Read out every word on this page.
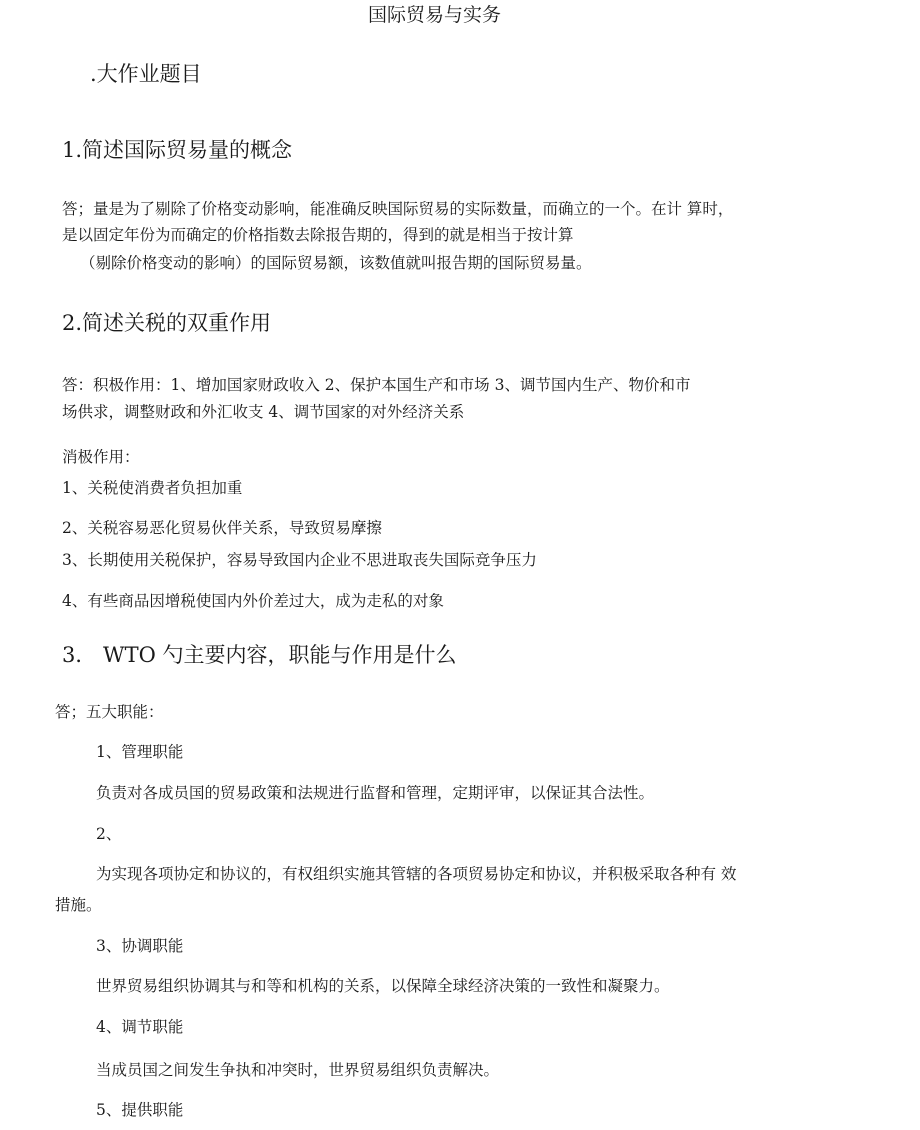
国际贸易与实务
.大作业题目
1.简述国际贸易量的概念
答；量是为了剔除了价格变动影响，能准确反映国际贸易的实际数量，而确立的一个。在计 算时，
是以固定年份为而确定的价格指数去除报告期的，得到的就是相当于按计算
（剔除价格变动的影响）的国际贸易额，该数值就叫报告期的国际贸易量。
2.简述关税的双重作用
答：积极作用：1、增加国家财政收入 2、保护本国生产和市场 3、调节国内生产、物价和市
场供求，调整财政和外汇收支 4、调节国家的对外经济关系
消极作用：
1、关税使消费者负担加重
2、关税容易恶化贸易伙伴关系，导致贸易摩擦
3、长期使用关税保护，容易导致国内企业不思进取丧失国际竞争压力
4、有些商品因增税使国内外价差过大，成为走私的对象
3． WTO 勺主要内容，职能与作用是什么
答；五大职能：
1、管理职能
负责对各成员国的贸易政策和法规进行监督和管理，定期评审，以保证其合法性。
2、
为实现各项协定和协议的，有权组织实施其管辖的各项贸易协定和协议，并积极采取各种有 效
措施。
3、协调职能
世界贸易组织协调其与和等和机构的关系，以保障全球经济决策的一致性和凝聚力。
4、调节职能
当成员国之间发生争执和冲突时，世界贸易组织负责解决。
5、提供职能
